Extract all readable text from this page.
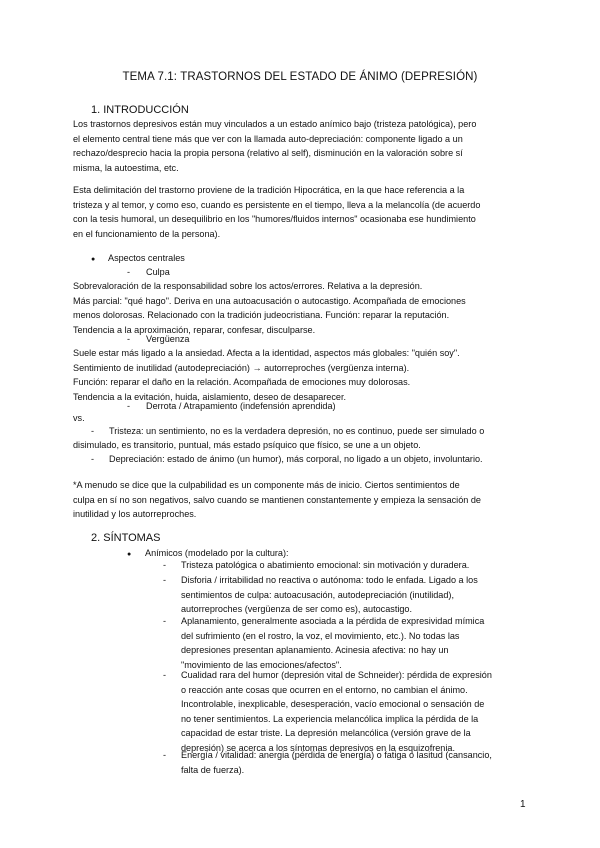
TEMA 7.1: TRASTORNOS DEL ESTADO DE ÁNIMO (DEPRESIÓN)
1. INTRODUCCIÓN
Los trastornos depresivos están muy vinculados a un estado anímico bajo (tristeza patológica), pero
el elemento central tiene más que ver con la llamada auto-depreciación: componente ligado a un
rechazo/desprecio hacia la propia persona (relativo al self), disminución en la valoración sobre sí
misma, la autoestima, etc.
Esta delimitación del trastorno proviene de la tradición Hipocrática, en la que hace referencia a la
tristeza y al temor, y como eso, cuando es persistente en el tiempo, lleva a la melancolía (de acuerdo
con la tesis humoral, un desequilibrio en los "humores/fluidos internos" ocasionaba ese hundimiento
en el funcionamiento de la persona).
● Aspectos centrales
- Culpa
Sobrevaloración de la responsabilidad sobre los actos/errores. Relativa a la depresión.
Más parcial: "qué hago". Deriva en una autoacusación o autocastigo. Acompañada de emociones
menos dolorosas. Relacionado con la tradición judeocristiana. Función: reparar la reputación.
Tendencia a la aproximación, reparar, confesar, disculparse.
- Vergüenza
Suele estar más ligado a la ansiedad. Afecta a la identidad, aspectos más globales: "quién soy".
Sentimiento de inutilidad (autodepreciación) → autorreproches (vergüenza interna).
Función: reparar el daño en la relación. Acompañada de emociones muy dolorosas.
Tendencia a la evitación, huida, aislamiento, deseo de desaparecer.
- Derrota / Atrapamiento (indefensión aprendida)
vs.
- Tristeza: un sentimiento, no es la verdadera depresión, no es continuo, puede ser simulado o
disimulado, es transitorio, puntual, más estado psíquico que físico, se une a un objeto.
- Depreciación: estado de ánimo (un humor), más corporal, no ligado a un objeto, involuntario.
*A menudo se dice que la culpabilidad es un componente más de inicio. Ciertos sentimientos de
culpa en sí no son negativos, salvo cuando se mantienen constantemente y empieza la sensación de
inutilidad y los autorreproches.
2. SÍNTOMAS
● Anímicos (modelado por la cultura):
- Tristeza patológica o abatimiento emocional: sin motivación y duradera.
- Disforia / irritabilidad no reactiva o autónoma: todo le enfada. Ligado a los
sentimientos de culpa: autoacusación, autodepreciación (inutilidad),
autorreproches (vergüenza de ser como es), autocastigo.
- Aplanamiento, generalmente asociada a la pérdida de expresividad mímica
del sufrimiento (en el rostro, la voz, el movimiento, etc.). No todas las
depresiones presentan aplanamiento. Acinesia afectiva: no hay un
"movimiento de las emociones/afectos".
- Cualidad rara del humor (depresión vital de Schneider): pérdida de expresión
o reacción ante cosas que ocurren en el entorno, no cambian el ánimo.
Incontrolable, inexplicable, desesperación, vacío emocional o sensación de
no tener sentimientos. La experiencia melancólica implica la pérdida de la
capacidad de estar triste. La depresión melancólica (versión grave de la
depresión) se acerca a los síntomas depresivos en la esquizofrenia.
- Energía / vitalidad: anergia (pérdida de energía) o fatiga o lasitud (cansancio,
falta de fuerza).
1
